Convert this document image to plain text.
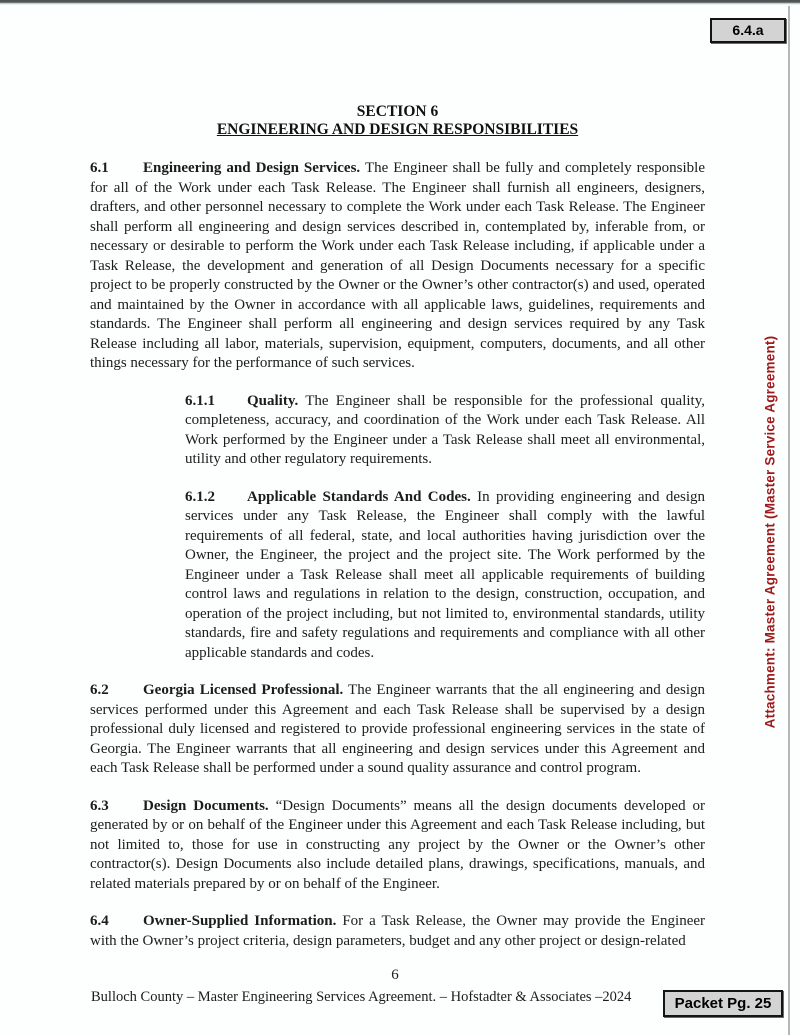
6.4.a
SECTION 6
ENGINEERING AND DESIGN RESPONSIBILITIES

6.1 Engineering and Design Services. The Engineer shall be fully and completely responsible for all of the Work under each Task Release. The Engineer shall furnish all engineers, designers, drafters, and other personnel necessary to complete the Work under each Task Release. The Engineer shall perform all engineering and design services described in, contemplated by, inferable from, or necessary or desirable to perform the Work under each Task Release including, if applicable under a Task Release, the development and generation of all Design Documents necessary for a specific project to be properly constructed by the Owner or the Owner’s other contractor(s) and used, operated and maintained by the Owner in accordance with all applicable laws, guidelines, requirements and standards. The Engineer shall perform all engineering and design services required by any Task Release including all labor, materials, supervision, equipment, computers, documents, and all other things necessary for the performance of such services.

6.1.1 Quality. The Engineer shall be responsible for the professional quality, completeness, accuracy, and coordination of the Work under each Task Release. All Work performed by the Engineer under a Task Release shall meet all environmental, utility and other regulatory requirements.

6.1.2 Applicable Standards And Codes. In providing engineering and design services under any Task Release, the Engineer shall comply with the lawful requirements of all federal, state, and local authorities having jurisdiction over the Owner, the Engineer, the project and the project site. The Work performed by the Engineer under a Task Release shall meet all applicable requirements of building control laws and regulations in relation to the design, construction, occupation, and operation of the project including, but not limited to, environmental standards, utility standards, fire and safety regulations and requirements and compliance with all other applicable standards and codes.

6.2 Georgia Licensed Professional. The Engineer warrants that the all engineering and design services performed under this Agreement and each Task Release shall be supervised by a design professional duly licensed and registered to provide professional engineering services in the state of Georgia. The Engineer warrants that all engineering and design services under this Agreement and each Task Release shall be performed under a sound quality assurance and control program.

6.3 Design Documents. “Design Documents” means all the design documents developed or generated by or on behalf of the Engineer under this Agreement and each Task Release including, but not limited to, those for use in constructing any project by the Owner or the Owner’s other contractor(s). Design Documents also include detailed plans, drawings, specifications, manuals, and related materials prepared by or on behalf of the Engineer.

6.4 Owner-Supplied Information. For a Task Release, the Owner may provide the Engineer with the Owner’s project criteria, design parameters, budget and any other project or design-related

Attachment: Master Agreement (Master Service Agreement)
6
Bulloch County – Master Engineering Services Agreement. – Hofstadter & Associates –2024	Packet Pg. 25
